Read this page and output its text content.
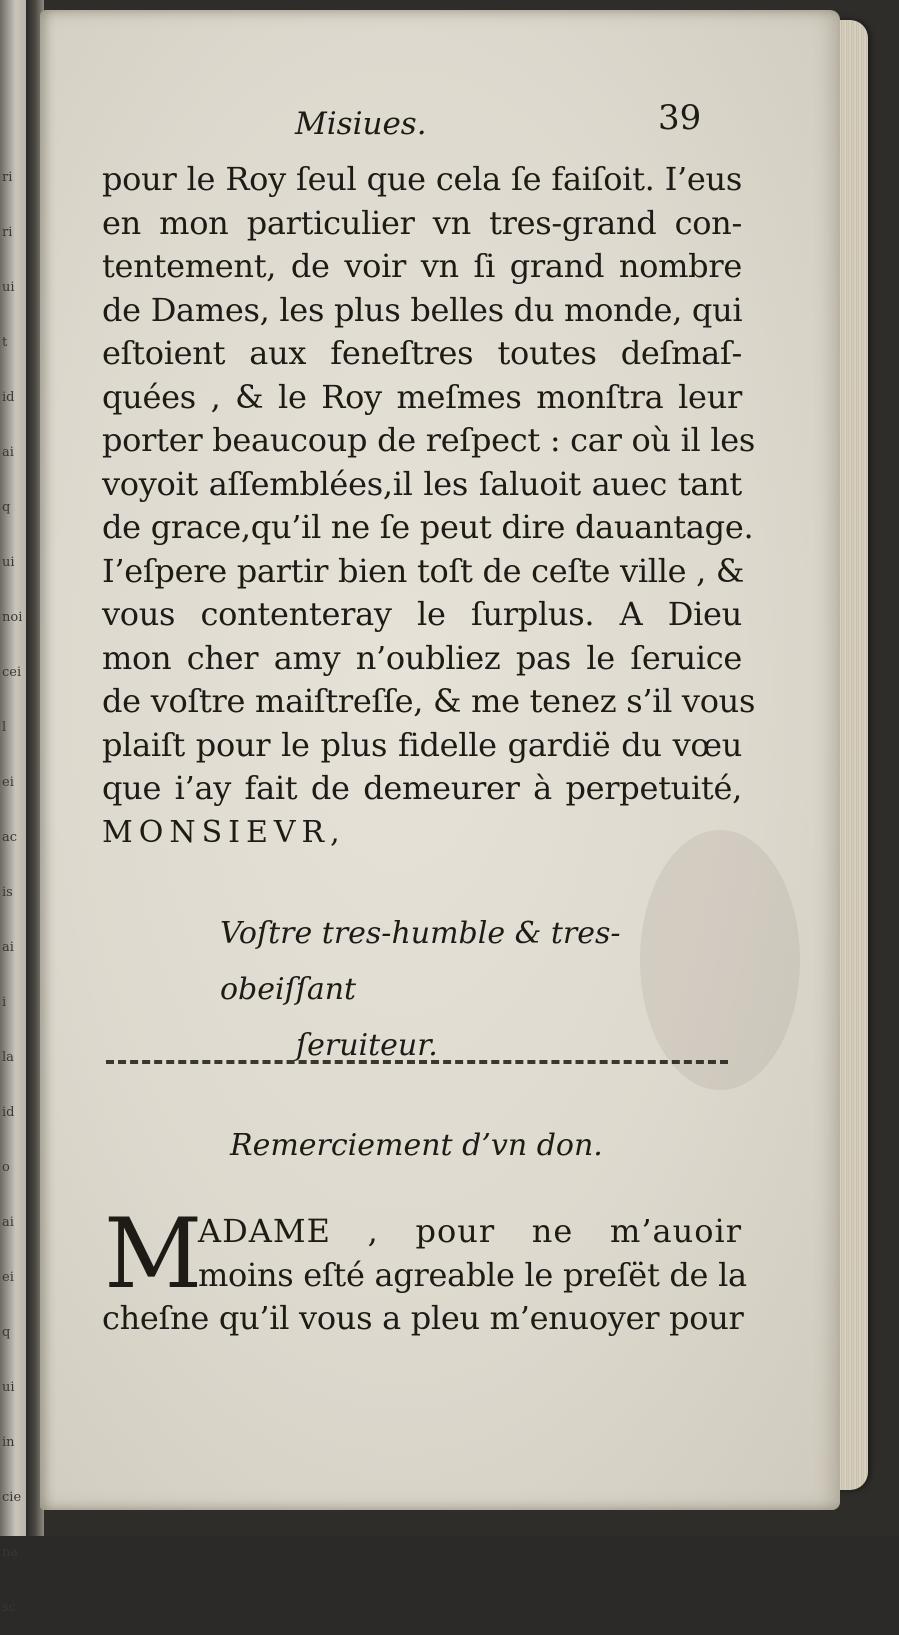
ri
ri
ui
t
id
ai
q
ui
noi
cei
l
ei
ac
is
ai
i
la
id
o
ai
ei
q
ui
in
cie
na
sc
Misiues.	39
pour le Roy ſeul que cela ſe faiſoit. I’eus
en mon particulier vn tres-grand con-
tentement, de voir vn ſi grand nombre
de Dames, les plus belles du monde, qui
eſtoient aux feneſtres toutes deſmaſ-
quées , & le Roy meſmes monſtra leur
porter beaucoup de reſpect : car où il les
voyoit aſſemblées,il les ſaluoit auec tant
de grace,qu’il ne ſe peut dire dauantage.
I’eſpere partir bien toſt de ceſte ville , &
vous contenteray le ſurplus. A Dieu
mon cher amy n’oubliez pas le ſeruice
de voſtre maiſtreſſe, & me tenez s’il vous
plaiſt pour le plus fidelle gardië du vœu
que i’ay fait de demeurer à perpetuité,
MONSIEVR,
Voſtre tres-humble & tres-obeiſſant
ſeruiteur.
Remerciement d’vn don.
M
ADAME , pour ne m’auoir
moins eſté agreable le preſët de la
cheſne qu’il vous a pleu m’enuoyer pour
